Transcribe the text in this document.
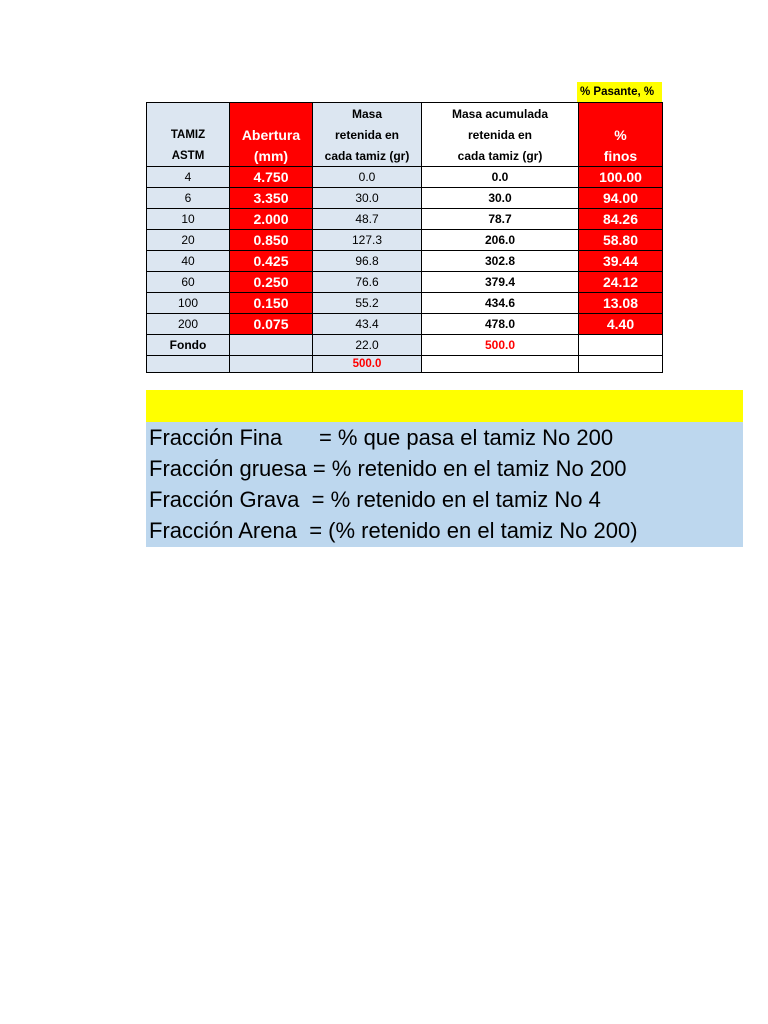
% Pasante, %
		Masa	Masa acumulada	
TAMIZ	Abertura	retenida en	retenida en	%
ASTM	(mm)	cada tamiz (gr)	cada tamiz (gr)	finos
4	4.750	0.0	0.0	100.00
6	3.350	30.0	30.0	94.00
10	2.000	48.7	78.7	84.26
20	0.850	127.3	206.0	58.80
40	0.425	96.8	302.8	39.44
60	0.250	76.6	379.4	24.12
100	0.150	55.2	434.6	13.08
200	0.075	43.4	478.0	4.40
Fondo		22.0	500.0	
		500.0		
Fracción Fina      = % que pasa el tamiz No 200
Fracción gruesa = % retenido en el tamiz No 200
Fracción Grava  = % retenido en el tamiz No 4
Fracción Arena  = (% retenido en el tamiz No 200)
